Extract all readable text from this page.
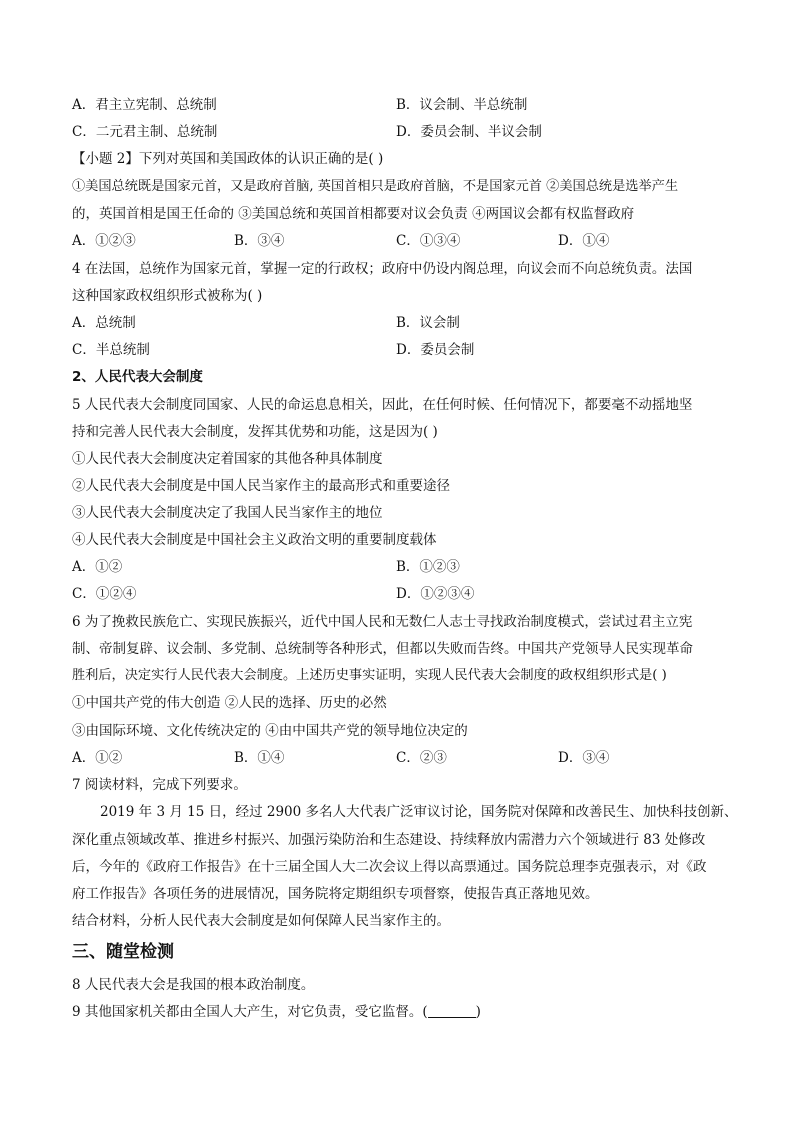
A．君主立宪制、总统制	B．议会制、半总统制
C．二元君主制、总统制	D．委员会制、半议会制
【小题 2】下列对英国和美国政体的认识正确的是( )
①美国总统既是国家元首，又是政府首脑, 英国首相只是政府首脑，不是国家元首 ②美国总统是选举产生
的，英国首相是国王任命的 ③美国总统和英国首相都要对议会负责 ④两国议会都有权监督政府
A．①②③	B．③④	C．①③④	D．①④
4 在法国，总统作为国家元首，掌握一定的行政权；政府中仍设内阁总理，向议会而不向总统负责。法国
这种国家政权组织形式被称为( )
A．总统制	B．议会制
C．半总统制	D．委员会制
2、人民代表大会制度
5 人民代表大会制度同国家、人民的命运息息相关，因此，在任何时候、任何情况下，都要毫不动摇地坚
持和完善人民代表大会制度，发挥其优势和功能，这是因为( )
①人民代表大会制度决定着国家的其他各种具体制度
②人民代表大会制度是中国人民当家作主的最高形式和重要途径
③人民代表大会制度决定了我国人民当家作主的地位
④人民代表大会制度是中国社会主义政治文明的重要制度载体
A．①②	B．①②③
C．①②④	D．①②③④
6 为了挽救民族危亡、实现民族振兴，近代中国人民和无数仁人志士寻找政治制度模式，尝试过君主立宪
制、帝制复辟、议会制、多党制、总统制等各种形式，但都以失败而告终。中国共产党领导人民实现革命
胜利后，决定实行人民代表大会制度。上述历史事实证明，实现人民代表大会制度的政权组织形式是( )
①中国共产党的伟大创造 ②人民的选择、历史的必然
③由国际环境、文化传统决定的 ④由中国共产党的领导地位决定的
A．①②	B．①④	C．②③	D．③④
7 阅读材料，完成下列要求。
2019 年 3 月 15 日，经过 2900 多名人大代表广泛审议讨论，国务院对保障和改善民生、加快科技创新、
深化重点领域改革、推进乡村振兴、加强污染防治和生态建设、持续释放内需潜力六个领域进行 83 处修改
后，今年的《政府工作报告》在十三届全国人大二次会议上得以高票通过。国务院总理李克强表示，对《政
府工作报告》各项任务的进展情况，国务院将定期组织专项督察，使报告真正落地见效。
结合材料，分析人民代表大会制度是如何保障人民当家作主的。
三、随堂检测
8 人民代表大会是我国的根本政治制度。
9 其他国家机关都由全国人大产生，对它负责，受它监督。(	)
